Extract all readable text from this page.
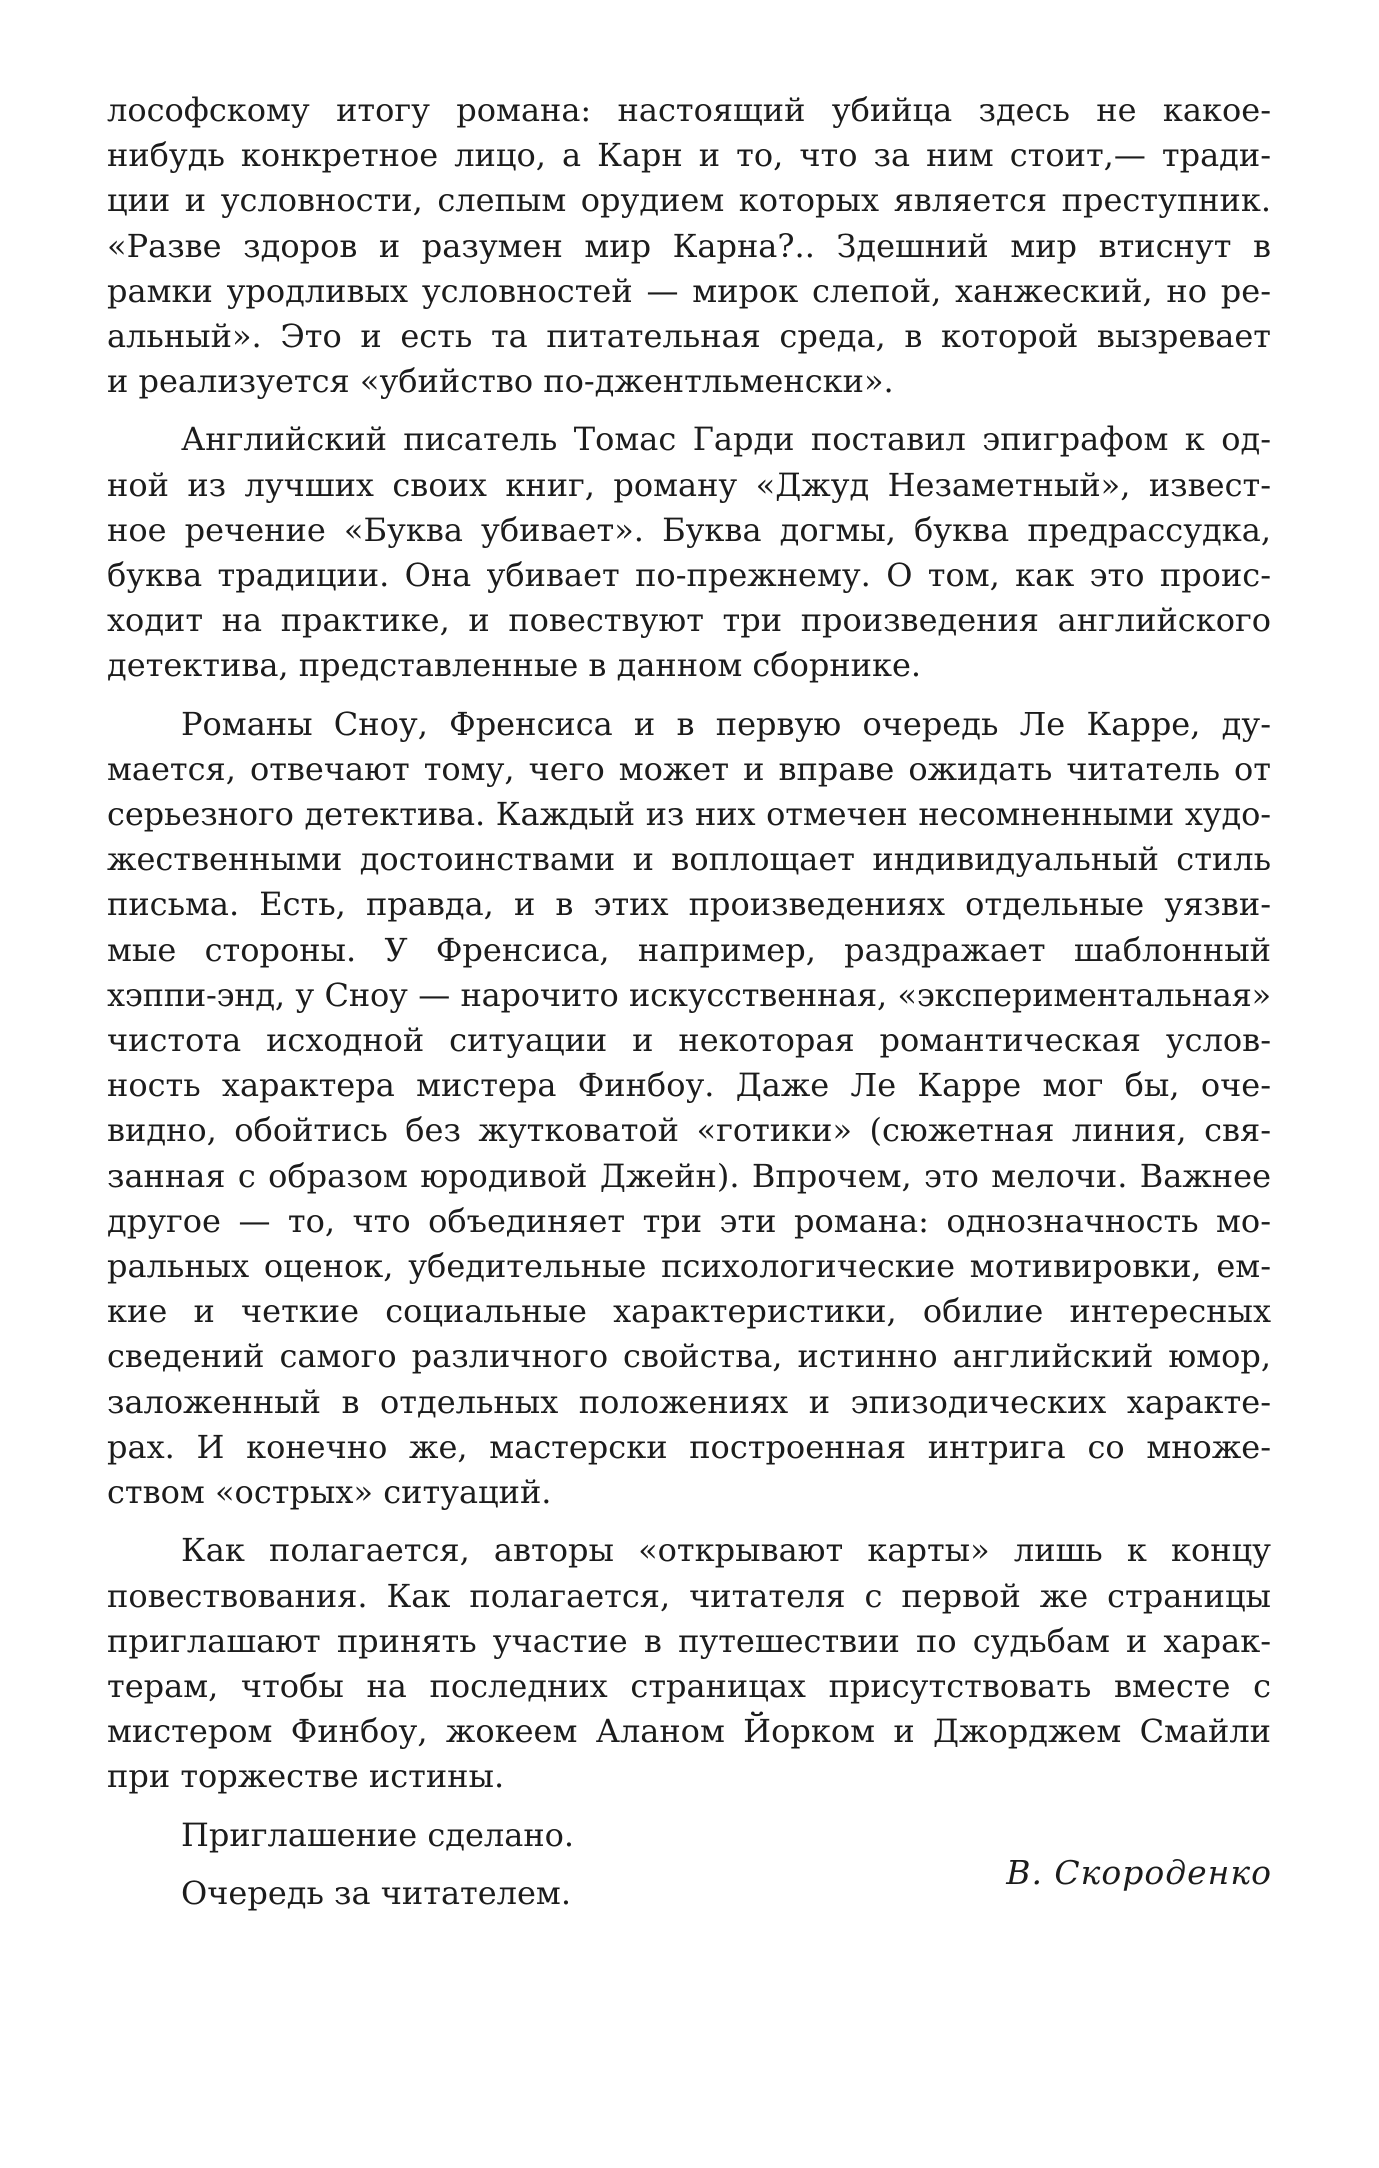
лософскому итогу романа: настоящий убийца здесь не какое-
нибудь конкретное лицо, а Карн и то, что за ним стоит,— тради-
ции и условности, слепым орудием которых является преступник.
«Разве здоров и разумен мир Карна?.. Здешний мир втиснут в
рамки уродливых условностей — мирок слепой, ханжеский, но ре-
альный». Это и есть та питательная среда, в которой вызревает
и реализуется «убийство по-джентльменски».
Английский писатель Томас Гарди поставил эпиграфом к од-
ной из лучших своих книг, роману «Джуд Незаметный», извест-
ное речение «Буква убивает». Буква догмы, буква предрассудка,
буква традиции. Она убивает по-прежнему. О том, как это проис-
ходит на практике, и повествуют три произведения английского
детектива, представленные в данном сборнике.
Романы Сноу, Френсиса и в первую очередь Ле Карре, ду-
мается, отвечают тому, чего может и вправе ожидать читатель от
серьезного детектива. Каждый из них отмечен несомненными худо-
жественными достоинствами и воплощает индивидуальный стиль
письма. Есть, правда, и в этих произведениях отдельные уязви-
мые стороны. У Френсиса, например, раздражает шаблонный
хэппи-энд, у Сноу — нарочито искусственная, «экспериментальная»
чистота исходной ситуации и некоторая романтическая услов-
ность характера мистера Финбоу. Даже Ле Карре мог бы, оче-
видно, обойтись без жутковатой «готики» (сюжетная линия, свя-
занная с образом юродивой Джейн). Впрочем, это мелочи. Важнее
другое — то, что объединяет три эти романа: однозначность мо-
ральных оценок, убедительные психологические мотивировки, ем-
кие и четкие социальные характеристики, обилие интересных
сведений самого различного свойства, истинно английский юмор,
заложенный в отдельных положениях и эпизодических характе-
рах. И конечно же, мастерски построенная интрига со множе-
ством «острых» ситуаций.
Как полагается, авторы «открывают карты» лишь к концу
повествования. Как полагается, читателя с первой же страницы
приглашают принять участие в путешествии по судьбам и харак-
терам, чтобы на последних страницах присутствовать вместе с
мистером Финбоу, жокеем Аланом Йорком и Джорджем Смайли
при торжестве истины.
Приглашение сделано.
Очередь за читателем.
В. Скороденко
